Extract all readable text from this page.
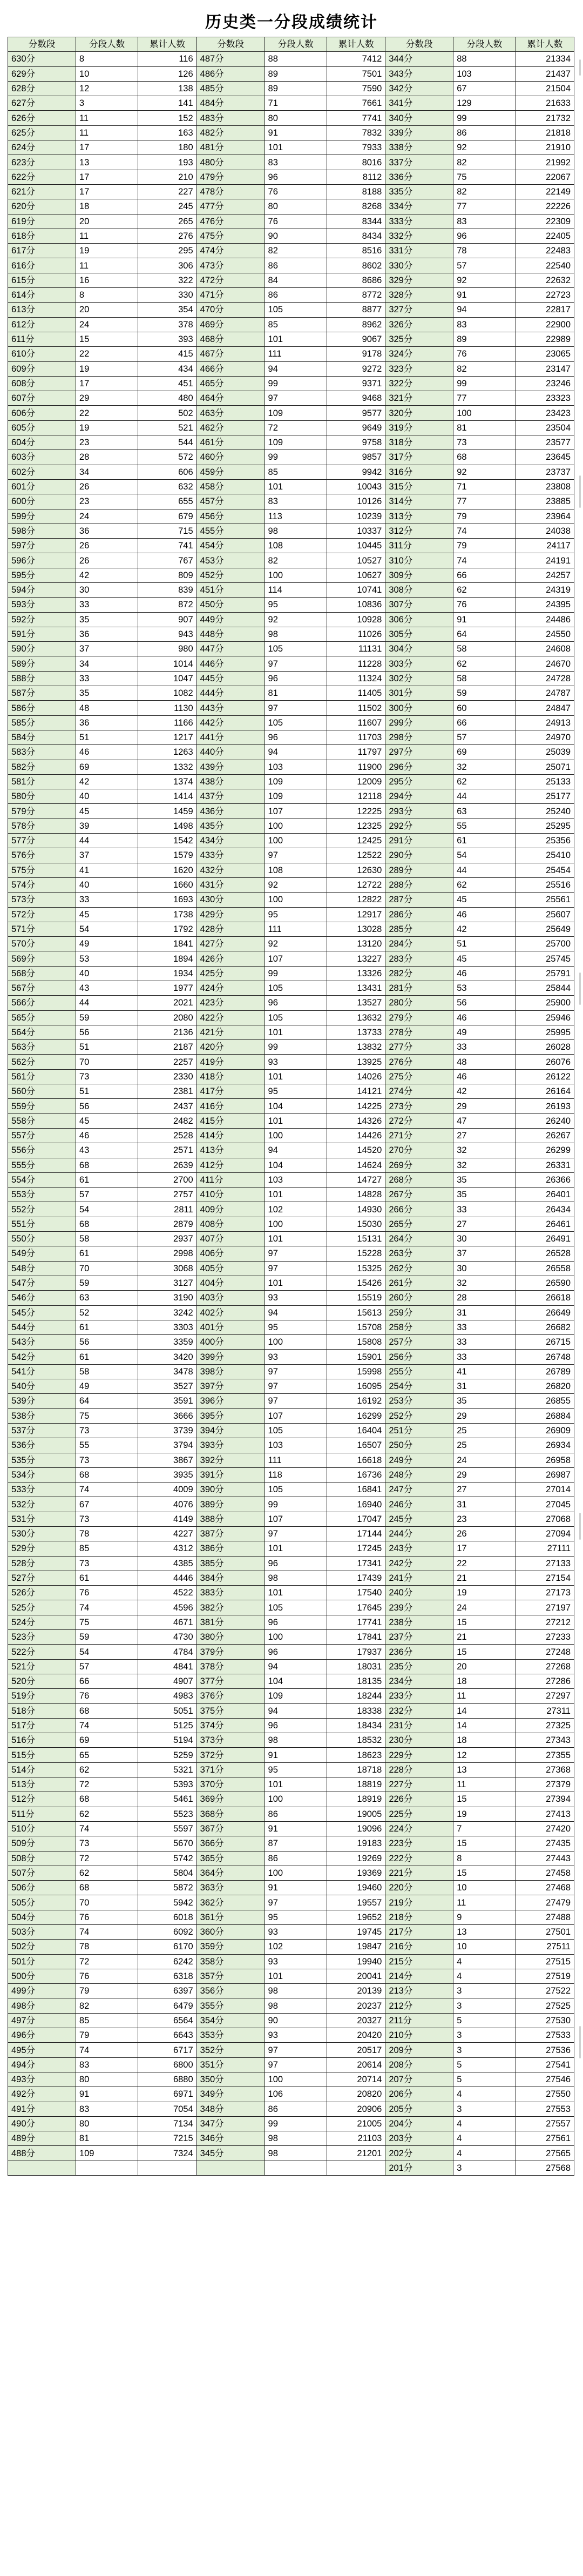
历史类一分段成绩统计
分数段	分段人数	累计人数	分数段	分段人数	累计人数	分数段	分段人数	累计人数
630分	8	116	487分	88	7412	344分	88	21334
629分	10	126	486分	89	7501	343分	103	21437
628分	12	138	485分	89	7590	342分	67	21504
627分	3	141	484分	71	7661	341分	129	21633
626分	11	152	483分	80	7741	340分	99	21732
625分	11	163	482分	91	7832	339分	86	21818
624分	17	180	481分	101	7933	338分	92	21910
623分	13	193	480分	83	8016	337分	82	21992
622分	17	210	479分	96	8112	336分	75	22067
621分	17	227	478分	76	8188	335分	82	22149
620分	18	245	477分	80	8268	334分	77	22226
619分	20	265	476分	76	8344	333分	83	22309
618分	11	276	475分	90	8434	332分	96	22405
617分	19	295	474分	82	8516	331分	78	22483
616分	11	306	473分	86	8602	330分	57	22540
615分	16	322	472分	84	8686	329分	92	22632
614分	8	330	471分	86	8772	328分	91	22723
613分	20	354	470分	105	8877	327分	94	22817
612分	24	378	469分	85	8962	326分	83	22900
611分	15	393	468分	101	9067	325分	89	22989
610分	22	415	467分	111	9178	324分	76	23065
609分	19	434	466分	94	9272	323分	82	23147
608分	17	451	465分	99	9371	322分	99	23246
607分	29	480	464分	97	9468	321分	77	23323
606分	22	502	463分	109	9577	320分	100	23423
605分	19	521	462分	72	9649	319分	81	23504
604分	23	544	461分	109	9758	318分	73	23577
603分	28	572	460分	99	9857	317分	68	23645
602分	34	606	459分	85	9942	316分	92	23737
601分	26	632	458分	101	10043	315分	71	23808
600分	23	655	457分	83	10126	314分	77	23885
599分	24	679	456分	113	10239	313分	79	23964
598分	36	715	455分	98	10337	312分	74	24038
597分	26	741	454分	108	10445	311分	79	24117
596分	26	767	453分	82	10527	310分	74	24191
595分	42	809	452分	100	10627	309分	66	24257
594分	30	839	451分	114	10741	308分	62	24319
593分	33	872	450分	95	10836	307分	76	24395
592分	35	907	449分	92	10928	306分	91	24486
591分	36	943	448分	98	11026	305分	64	24550
590分	37	980	447分	105	11131	304分	58	24608
589分	34	1014	446分	97	11228	303分	62	24670
588分	33	1047	445分	96	11324	302分	58	24728
587分	35	1082	444分	81	11405	301分	59	24787
586分	48	1130	443分	97	11502	300分	60	24847
585分	36	1166	442分	105	11607	299分	66	24913
584分	51	1217	441分	96	11703	298分	57	24970
583分	46	1263	440分	94	11797	297分	69	25039
582分	69	1332	439分	103	11900	296分	32	25071
581分	42	1374	438分	109	12009	295分	62	25133
580分	40	1414	437分	109	12118	294分	44	25177
579分	45	1459	436分	107	12225	293分	63	25240
578分	39	1498	435分	100	12325	292分	55	25295
577分	44	1542	434分	100	12425	291分	61	25356
576分	37	1579	433分	97	12522	290分	54	25410
575分	41	1620	432分	108	12630	289分	44	25454
574分	40	1660	431分	92	12722	288分	62	25516
573分	33	1693	430分	100	12822	287分	45	25561
572分	45	1738	429分	95	12917	286分	46	25607
571分	54	1792	428分	111	13028	285分	42	25649
570分	49	1841	427分	92	13120	284分	51	25700
569分	53	1894	426分	107	13227	283分	45	25745
568分	40	1934	425分	99	13326	282分	46	25791
567分	43	1977	424分	105	13431	281分	53	25844
566分	44	2021	423分	96	13527	280分	56	25900
565分	59	2080	422分	105	13632	279分	46	25946
564分	56	2136	421分	101	13733	278分	49	25995
563分	51	2187	420分	99	13832	277分	33	26028
562分	70	2257	419分	93	13925	276分	48	26076
561分	73	2330	418分	101	14026	275分	46	26122
560分	51	2381	417分	95	14121	274分	42	26164
559分	56	2437	416分	104	14225	273分	29	26193
558分	45	2482	415分	101	14326	272分	47	26240
557分	46	2528	414分	100	14426	271分	27	26267
556分	43	2571	413分	94	14520	270分	32	26299
555分	68	2639	412分	104	14624	269分	32	26331
554分	61	2700	411分	103	14727	268分	35	26366
553分	57	2757	410分	101	14828	267分	35	26401
552分	54	2811	409分	102	14930	266分	33	26434
551分	68	2879	408分	100	15030	265分	27	26461
550分	58	2937	407分	101	15131	264分	30	26491
549分	61	2998	406分	97	15228	263分	37	26528
548分	70	3068	405分	97	15325	262分	30	26558
547分	59	3127	404分	101	15426	261分	32	26590
546分	63	3190	403分	93	15519	260分	28	26618
545分	52	3242	402分	94	15613	259分	31	26649
544分	61	3303	401分	95	15708	258分	33	26682
543分	56	3359	400分	100	15808	257分	33	26715
542分	61	3420	399分	93	15901	256分	33	26748
541分	58	3478	398分	97	15998	255分	41	26789
540分	49	3527	397分	97	16095	254分	31	26820
539分	64	3591	396分	97	16192	253分	35	26855
538分	75	3666	395分	107	16299	252分	29	26884
537分	73	3739	394分	105	16404	251分	25	26909
536分	55	3794	393分	103	16507	250分	25	26934
535分	73	3867	392分	111	16618	249分	24	26958
534分	68	3935	391分	118	16736	248分	29	26987
533分	74	4009	390分	105	16841	247分	27	27014
532分	67	4076	389分	99	16940	246分	31	27045
531分	73	4149	388分	107	17047	245分	23	27068
530分	78	4227	387分	97	17144	244分	26	27094
529分	85	4312	386分	101	17245	243分	17	27111
528分	73	4385	385分	96	17341	242分	22	27133
527分	61	4446	384分	98	17439	241分	21	27154
526分	76	4522	383分	101	17540	240分	19	27173
525分	74	4596	382分	105	17645	239分	24	27197
524分	75	4671	381分	96	17741	238分	15	27212
523分	59	4730	380分	100	17841	237分	21	27233
522分	54	4784	379分	96	17937	236分	15	27248
521分	57	4841	378分	94	18031	235分	20	27268
520分	66	4907	377分	104	18135	234分	18	27286
519分	76	4983	376分	109	18244	233分	11	27297
518分	68	5051	375分	94	18338	232分	14	27311
517分	74	5125	374分	96	18434	231分	14	27325
516分	69	5194	373分	98	18532	230分	18	27343
515分	65	5259	372分	91	18623	229分	12	27355
514分	62	5321	371分	95	18718	228分	13	27368
513分	72	5393	370分	101	18819	227分	11	27379
512分	68	5461	369分	100	18919	226分	15	27394
511分	62	5523	368分	86	19005	225分	19	27413
510分	74	5597	367分	91	19096	224分	7	27420
509分	73	5670	366分	87	19183	223分	15	27435
508分	72	5742	365分	86	19269	222分	8	27443
507分	62	5804	364分	100	19369	221分	15	27458
506分	68	5872	363分	91	19460	220分	10	27468
505分	70	5942	362分	97	19557	219分	11	27479
504分	76	6018	361分	95	19652	218分	9	27488
503分	74	6092	360分	93	19745	217分	13	27501
502分	78	6170	359分	102	19847	216分	10	27511
501分	72	6242	358分	93	19940	215分	4	27515
500分	76	6318	357分	101	20041	214分	4	27519
499分	79	6397	356分	98	20139	213分	3	27522
498分	82	6479	355分	98	20237	212分	3	27525
497分	85	6564	354分	90	20327	211分	5	27530
496分	79	6643	353分	93	20420	210分	3	27533
495分	74	6717	352分	97	20517	209分	3	27536
494分	83	6800	351分	97	20614	208分	5	27541
493分	80	6880	350分	100	20714	207分	5	27546
492分	91	6971	349分	106	20820	206分	4	27550
491分	83	7054	348分	86	20906	205分	3	27553
490分	80	7134	347分	99	21005	204分	4	27557
489分	81	7215	346分	98	21103	203分	4	27561
488分	109	7324	345分	98	21201	202分	4	27565
						201分	3	27568
